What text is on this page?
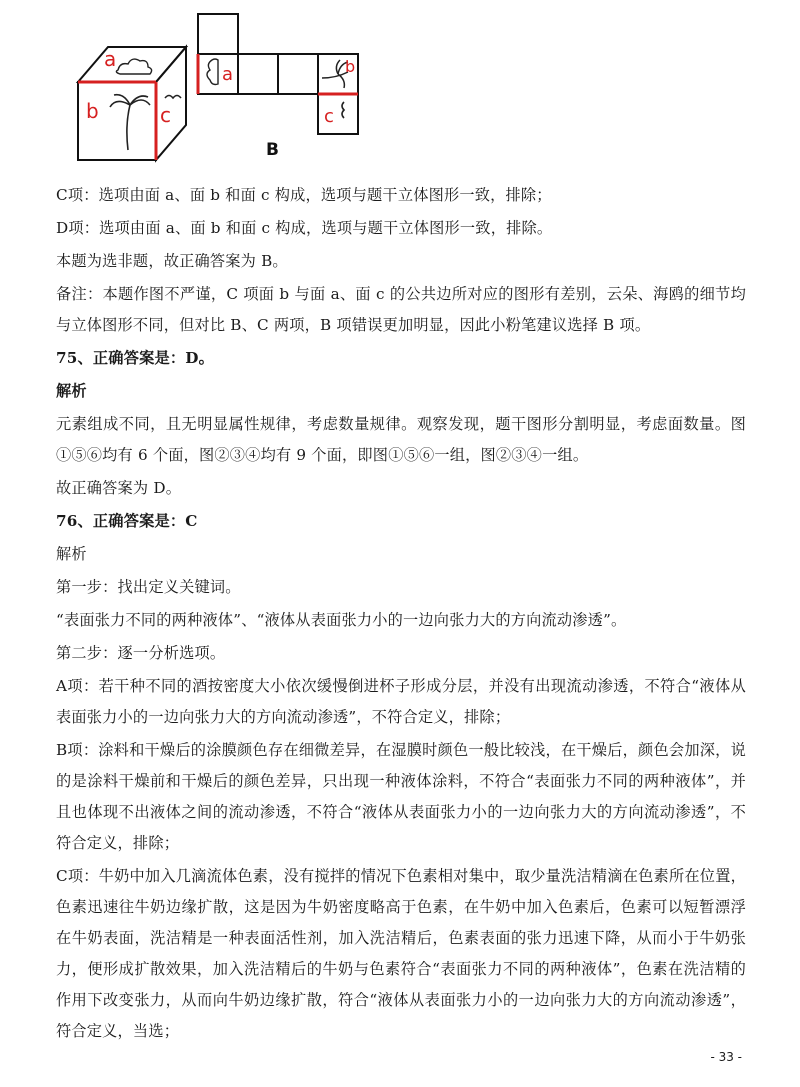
a
b	c
a	b
c
B

C项：选项由面 a、面 b 和面 c 构成，选项与题干立体图形一致，排除；

D项：选项由面 a、面 b 和面 c 构成，选项与题干立体图形一致，排除。

本题为选非题，故正确答案为 B。

备注：本题作图不严谨，C 项面 b 与面 a、面 c 的公共边所对应的图形有差别，云朵、海鸥的细节均与立体图形不同，但对比 B、C 两项，B 项错误更加明显，因此小粉笔建议选择 B 项。

75、正确答案是：D。

解析

元素组成不同，且无明显属性规律，考虑数量规律。观察发现，题干图形分割明显，考虑面数量。图①⑤⑥均有 6 个面，图②③④均有 9 个面，即图①⑤⑥一组，图②③④一组。

故正确答案为 D。

76、正确答案是：C

解析

第一步：找出定义关键词。

“表面张力不同的两种液体”、“液体从表面张力小的一边向张力大的方向流动渗透”。

第二步：逐一分析选项。

A项：若干种不同的酒按密度大小依次缓慢倒进杯子形成分层，并没有出现流动渗透，不符合“液体从表面张力小的一边向张力大的方向流动渗透”，不符合定义，排除；

B项：涂料和干燥后的涂膜颜色存在细微差异，在湿膜时颜色一般比较浅，在干燥后，颜色会加深，说的是涂料干燥前和干燥后的颜色差异，只出现一种液体涂料，不符合“表面张力不同的两种液体”，并且也体现不出液体之间的流动渗透，不符合“液体从表面张力小的一边向张力大的方向流动渗透”，不符合定义，排除；

C项：牛奶中加入几滴流体色素，没有搅拌的情况下色素相对集中，取少量洗洁精滴在色素所在位置，色素迅速往牛奶边缘扩散，这是因为牛奶密度略高于色素，在牛奶中加入色素后，色素可以短暂漂浮在牛奶表面，洗洁精是一种表面活性剂，加入洗洁精后，色素表面的张力迅速下降，从而小于牛奶张力，便形成扩散效果，加入洗洁精后的牛奶与色素符合“表面张力不同的两种液体”，色素在洗洁精的作用下改变张力，从而向牛奶边缘扩散，符合“液体从表面张力小的一边向张力大的方向流动渗透”，符合定义，当选；

- 33 -
